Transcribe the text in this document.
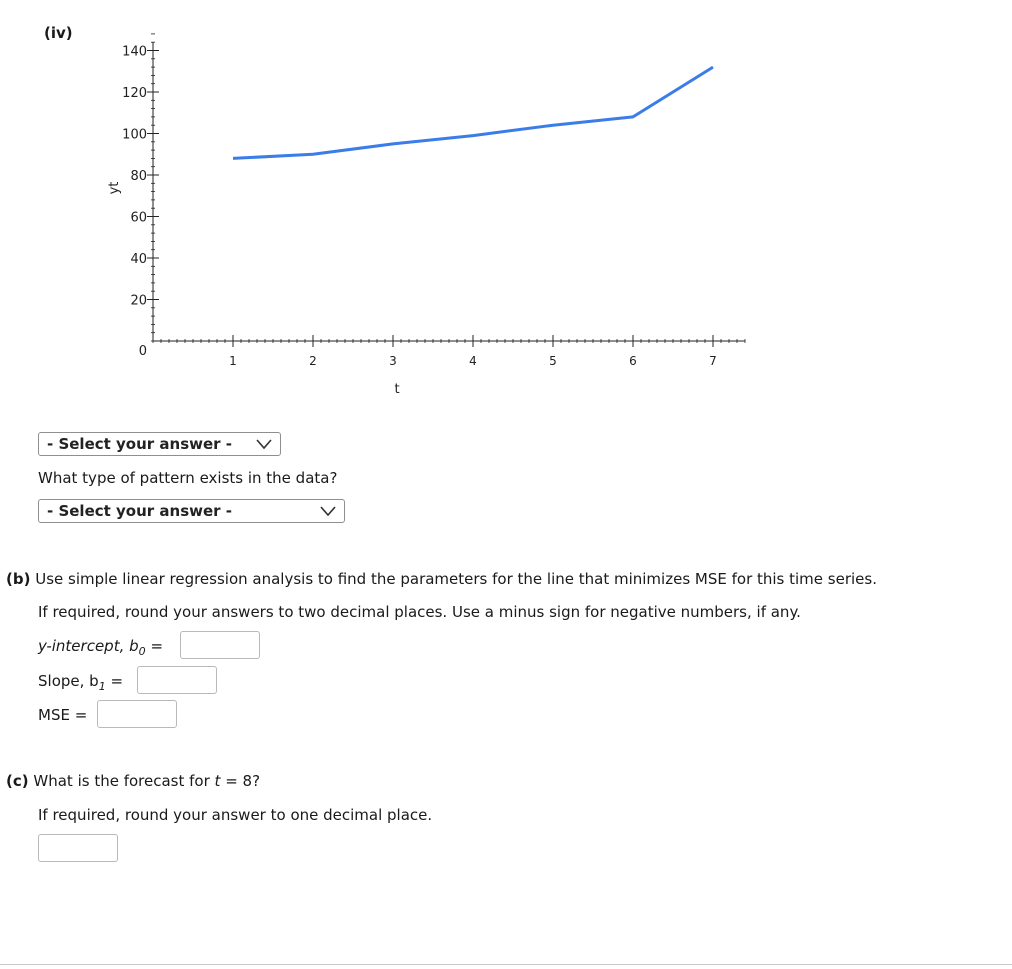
(iv)
1	2	3	4	5	6	7
0
20
40
60
80
100
120
140
t
yt
- Select your answer -
What type of pattern exists in the data?
- Select your answer -
(b) Use simple linear regression analysis to find the parameters for the line that minimizes MSE for this time series.
If required, round your answers to two decimal places. Use a minus sign for negative numbers, if any.
y-intercept, $b_0$ =
Slope, $b_1$ =
MSE =
(c) What is the forecast for t = 8?
If required, round your answer to one decimal place.
